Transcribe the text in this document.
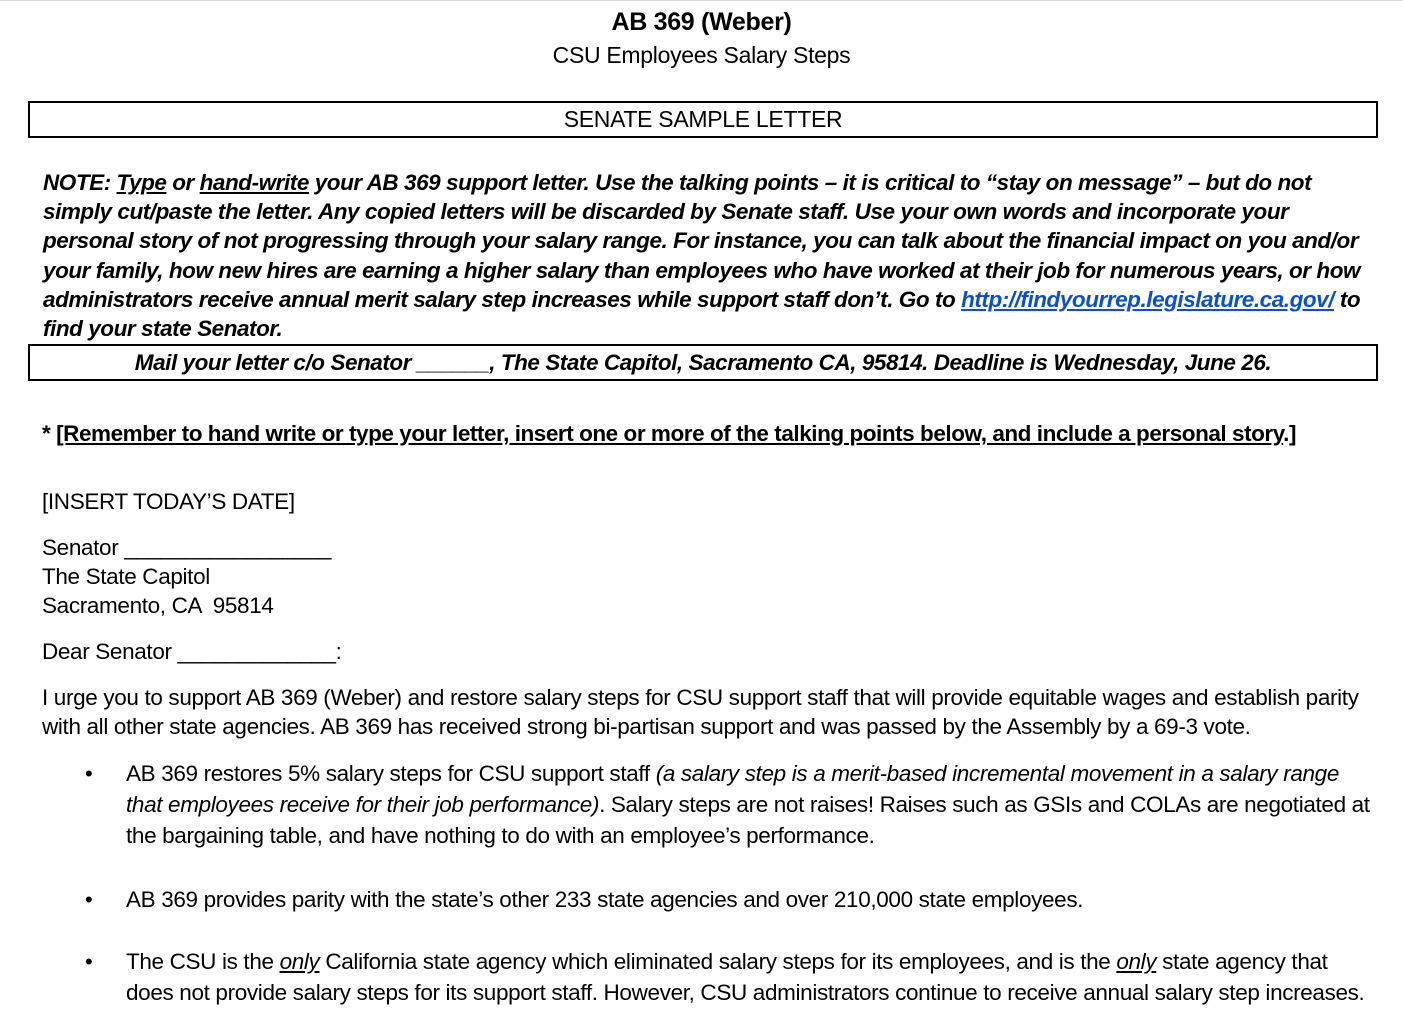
AB 369 (Weber)
CSU Employees Salary Steps
SENATE SAMPLE LETTER
NOTE: Type or hand-write your AB 369 support letter. Use the talking points – it is critical to “stay on message” – but do not simply cut/paste the letter. Any copied letters will be discarded by Senate staff. Use your own words and incorporate your personal story of not progressing through your salary range. For instance, you can talk about the financial impact on you and/or your family, how new hires are earning a higher salary than employees who have worked at their job for numerous years, or how administrators receive annual merit salary step increases while support staff don’t. Go to http://findyourrep.legislature.ca.gov/ to find your state Senator.
Mail your letter c/o Senator ______, The State Capitol, Sacramento CA, 95814. Deadline is Wednesday, June 26.
* [Remember to hand write or type your letter, insert one or more of the talking points below, and include a personal story.]
[INSERT TODAY’S DATE]
Senator _________________
The State Capitol
Sacramento, CA  95814
Dear Senator _____________:
I urge you to support AB 369 (Weber) and restore salary steps for CSU support staff that will provide equitable wages and establish parity with all other state agencies. AB 369 has received strong bi-partisan support and was passed by the Assembly by a 69-3 vote.
• AB 369 restores 5% salary steps for CSU support staff (a salary step is a merit-based incremental movement in a salary range that employees receive for their job performance). Salary steps are not raises! Raises such as GSIs and COLAs are negotiated at the bargaining table, and have nothing to do with an employee’s performance.
• AB 369 provides parity with the state’s other 233 state agencies and over 210,000 state employees.
• The CSU is the only California state agency which eliminated salary steps for its employees, and is the only state agency that does not provide salary steps for its support staff. However, CSU administrators continue to receive annual salary step increases.
